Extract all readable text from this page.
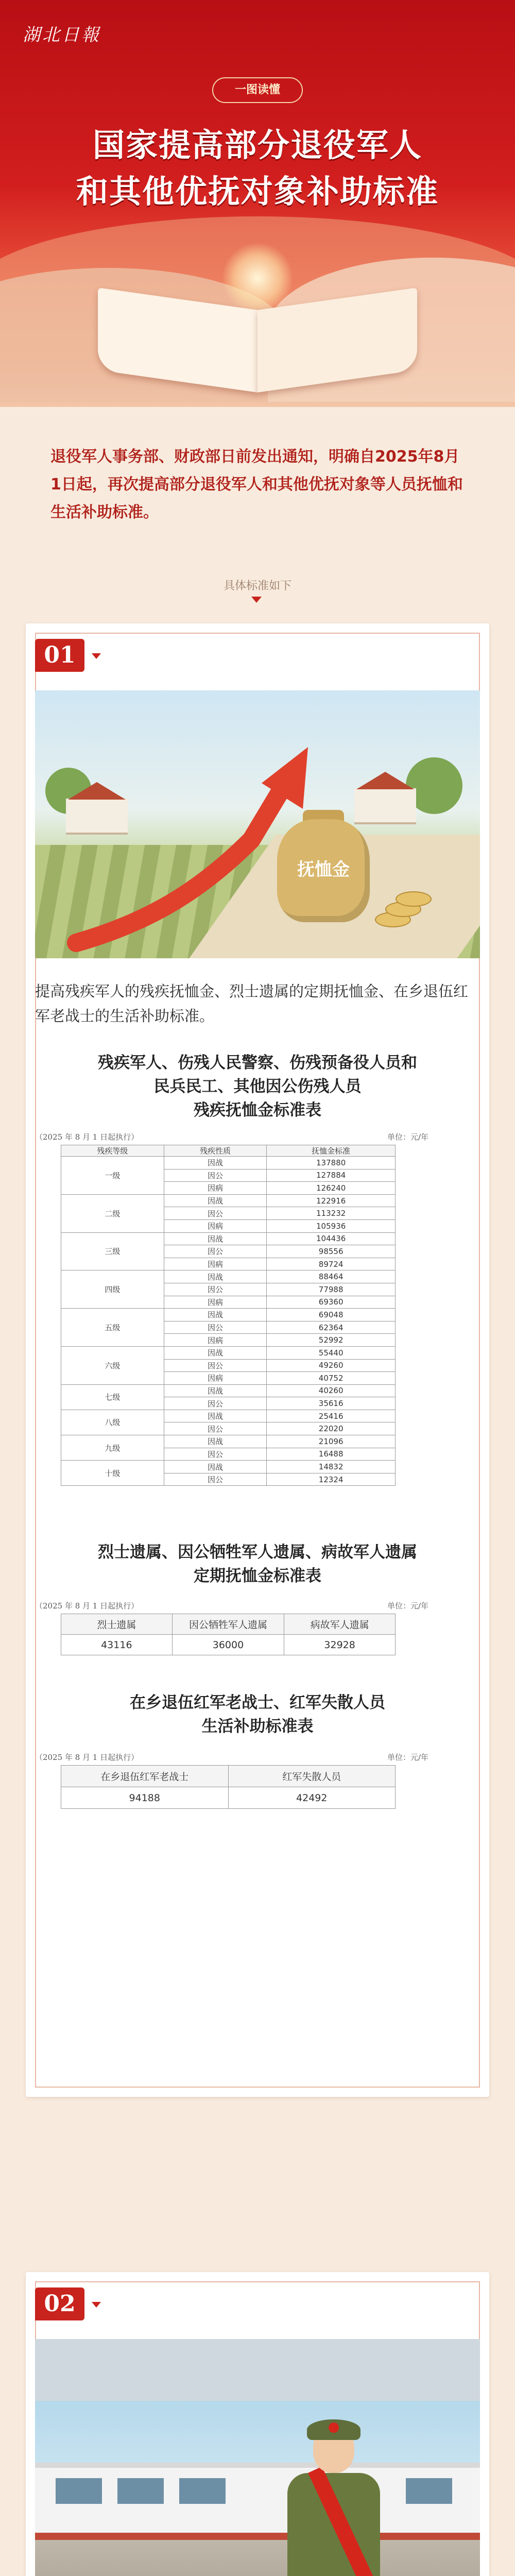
湖北日報
一图读懂
国家提高部分退役军人
和其他优抚对象补助标准
退役军人事务部、财政部日前发出通知，明确自2025年8月1日起，再次提高部分退役军人和其他优抚对象等人员抚恤和生活补助标准。
具体标准如下
01
抚恤金
提高残疾军人的残疾抚恤金、烈士遗属的定期抚恤金、在乡退伍红军老战士的生活补助标准。
残疾军人、伤残人民警察、伤残预备役人员和
民兵民工、其他因公伤残人员
残疾抚恤金标准表
（2025 年 8 月 1 日起执行）	单位：元/年
残疾等级	残疾性质	抚恤金标准
一级	因战	137880
	因公	127884
	因病	126240
二级	因战	122916
	因公	113232
	因病	105936
三级	因战	104436
	因公	98556
	因病	89724
四级	因战	88464
	因公	77988
	因病	69360
五级	因战	69048
	因公	62364
	因病	52992
六级	因战	55440
	因公	49260
	因病	40752
七级	因战	40260
	因公	35616
八级	因战	25416
	因公	22020
九级	因战	21096
	因公	16488
十级	因战	14832
	因公	12324
烈士遗属、因公牺牲军人遗属、病故军人遗属
定期抚恤金标准表
（2025 年 8 月 1 日起执行）	单位：元/年
烈士遗属	因公牺牲军人遗属	病故军人遗属
43116	36000	32928
在乡退伍红军老战士、红军失散人员
生活补助标准表
（2025 年 8 月 1 日起执行）	单位：元/年
在乡退伍红军老战士	红军失散人员
94188	42492
02
